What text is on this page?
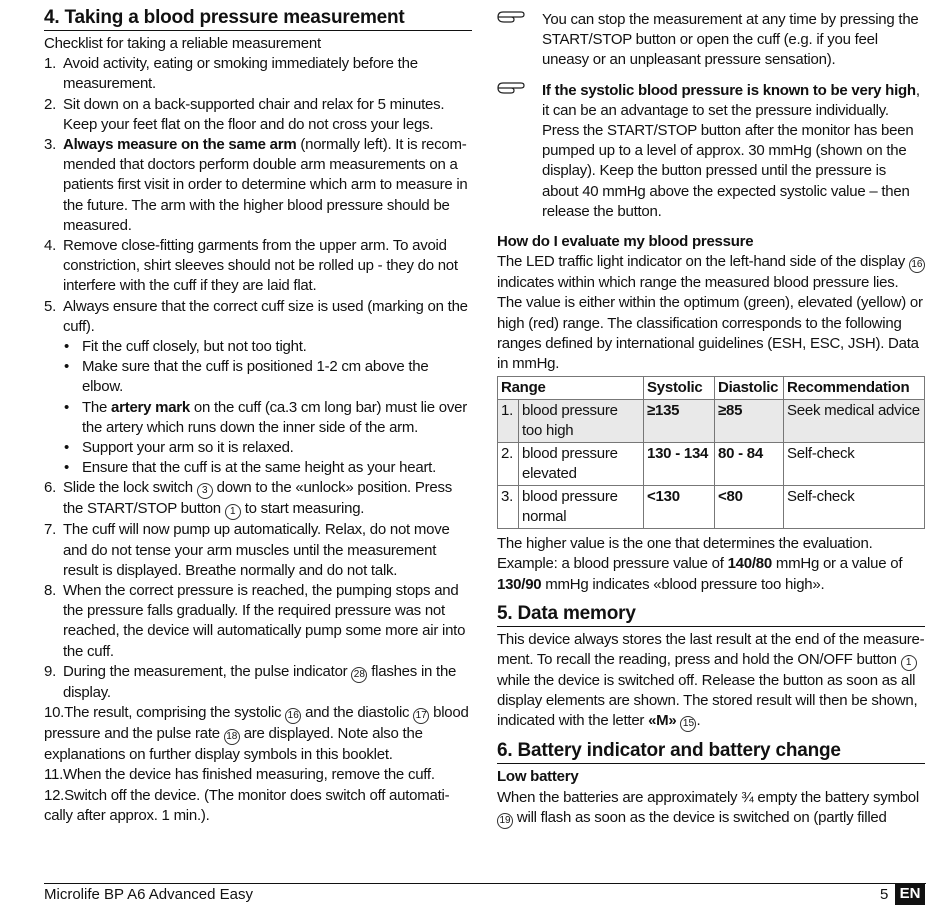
4. Taking a blood pressure measurement

Checklist for taking a reliable measurement

1. Avoid activity, eating or smoking immediately before the measurement.
2. Sit down on a back-supported chair and relax for 5 minutes. Keep your feet flat on the floor and do not cross your legs.
3. Always measure on the same arm (normally left). It is recommended that doctors perform double arm measurements on a patients first visit in order to determine which arm to measure in the future. The arm with the higher blood pressure should be measured.
4. Remove close-fitting garments from the upper arm. To avoid constriction, shirt sleeves should not be rolled up - they do not interfere with the cuff if they are laid flat.
5. Always ensure that the correct cuff size is used (marking on the cuff).
• Fit the cuff closely, but not too tight.
• Make sure that the cuff is positioned 1-2 cm above the elbow.
• The artery mark on the cuff (ca.3 cm long bar) must lie over the artery which runs down the inner side of the arm.
• Support your arm so it is relaxed.
• Ensure that the cuff is at the same height as your heart.
6. Slide the lock switch 3 down to the «unlock» position. Press the START/STOP button 1 to start measuring.
7. The cuff will now pump up automatically. Relax, do not move and do not tense your arm muscles until the measurement result is displayed. Breathe normally and do not talk.
8. When the correct pressure is reached, the pumping stops and the pressure falls gradually. If the required pressure was not reached, the device will automatically pump some more air into the cuff.
9. During the measurement, the pulse indicator 28 flashes in the display.
10.The result, comprising the systolic 16 and the diastolic 17 blood pressure and the pulse rate 18 are displayed. Note also the explanations on further display symbols in this booklet.
11.When the device has finished measuring, remove the cuff.
12.Switch off the device. (The monitor does switch off automatically after approx. 1 min.).
You can stop the measurement at any time by pressing the START/STOP button or open the cuff (e.g. if you feel uneasy or an unpleasant pressure sensation).
If the systolic blood pressure is known to be very high, it can be an advantage to set the pressure individually. Press the START/STOP button after the monitor has been pumped up to a level of approx. 30 mmHg (shown on the display). Keep the button pressed until the pressure is about 40 mmHg above the expected systolic value – then release the button.

How do I evaluate my blood pressure

The LED traffic light indicator on the left-hand side of the display 16 indicates within which range the measured blood pressure lies. The value is either within the optimum (green), elevated (yellow) or high (red) range. The classification corresponds to the following ranges defined by international guidelines (ESH, ESC, JSH). Data in mmHg.

Range		Systolic	Diastolic	Recommendation
1.	blood pressure too high	≥135	≥85	Seek medical advice
2.	blood pressure elevated	130 - 134	80 - 84	Self-check
3.	blood pressure normal	<130	<80	Self-check

The higher value is the one that determines the evaluation. Example: a blood pressure value of 140/80 mmHg or a value of 130/90 mmHg indicates «blood pressure too high».

5. Data memory

This device always stores the last result at the end of the measurement. To recall the reading, press and hold the ON/OFF button 1 while the device is switched off. Release the button as soon as all display elements are shown. The stored result will then be shown, indicated with the letter «M» 15 .

6. Battery indicator and battery change

Low battery

When the batteries are approximately ¾ empty the battery symbol 19 will flash as soon as the device is switched on (partly filled

Microlife BP A6 Advanced Easy	5 EN
